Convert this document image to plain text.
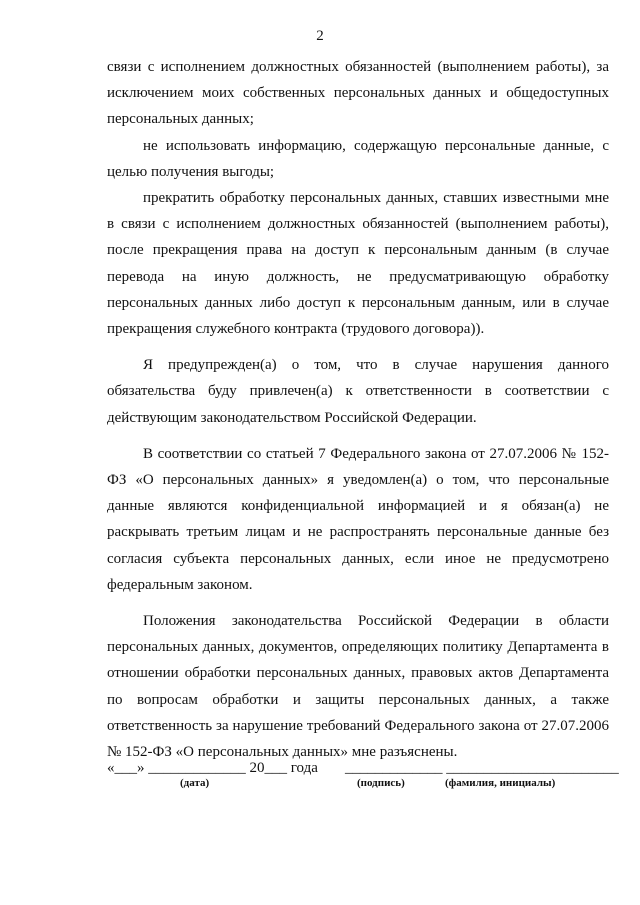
2

связи с исполнением должностных обязанностей (выполнением работы), за исключением моих собственных персональных данных и общедоступных персональных данных;

не использовать информацию, содержащую персональные данные, с целью получения выгоды;

прекратить обработку персональных данных, ставших известными мне в связи с исполнением должностных обязанностей (выполнением работы), после прекращения права на доступ к персональным данным (в случае перевода на иную должность, не предусматривающую обработку персональных данных либо доступ к персональным данным, или в случае прекращения служебного контракта (трудового договора)).

Я предупрежден(а) о том, что в случае нарушения данного обязательства буду привлечен(а) к ответственности в соответствии с действующим законодательством Российской Федерации.

В соответствии со статьей 7 Федерального закона от 27.07.2006 № 152-ФЗ «О персональных данных» я уведомлен(а) о том, что персональные данные являются конфиденциальной информацией и я обязан(а) не раскрывать третьим лицам и не распространять персональные данные без согласия субъекта персональных данных, если иное не предусмотрено федеральным законом.

Положения законодательства Российской Федерации в области персональных данных, документов, определяющих политику Департамента в отношении обработки персональных данных, правовых актов Департамента по вопросам обработки и защиты персональных данных, а также ответственность за нарушение требований Федерального закона от 27.07.2006 № 152-ФЗ «О персональных данных» мне разъяснены.

«___» _____________ 20___ года _____________ _______________________
(дата)	(подпись)	(фамилия, инициалы)
